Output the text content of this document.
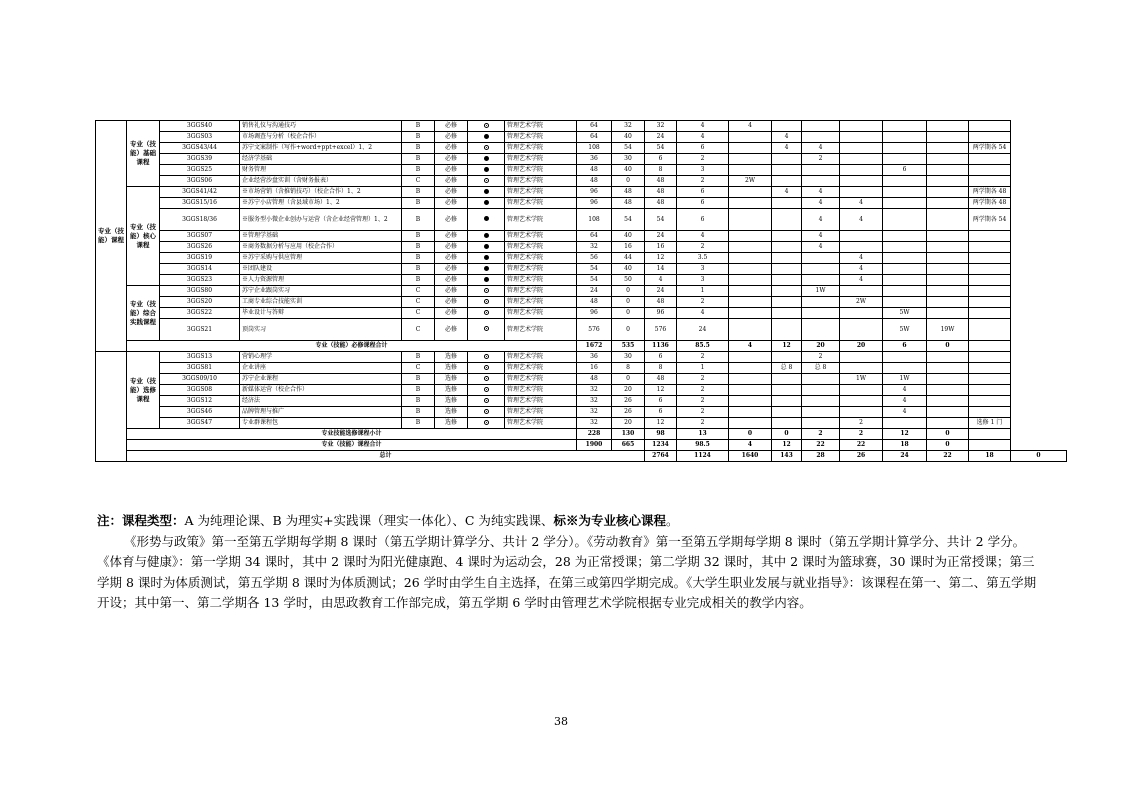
专业（技能）课程	专业（技能）基础课程	3GGS40	销售礼仪与沟通技巧	B	必修		管理艺术学院	64	32	32	4	4								
		3GGS03	市场调查与分析（校企合作）	B	必修		管理艺术学院	64	40	24	4		4							
		3GGS43/44	苏宁文案制作（写作+word+ppt+excel）1、2	B	必修		管理艺术学院	108	54	54	6		4	4				两学期各 54		
		3GGS39	经济学基础	B	必修		管理艺术学院	36	30	6	2			2						
		3GGS25	财务管理	B	必修		管理艺术学院	48	40	8	3					6				
		3GGS06	企业经营沙盘实训（含财务报表）	C	必修		管理艺术学院	48	0	48	2	2W								
	专业（技能）核心课程	3GGS41/42	※市场营销（含推销技巧）（校企合作）1、2	B	必修		管理艺术学院	96	48	48	6		4	4				两学期各 48		
		3GGS15/16	※苏宁小店管理（含县域市场）1、2	B	必修		管理艺术学院	96	48	48	6			4	4			两学期各 48		
		3GGS18/36	※服务型小微企业创办与运营（含企业经营管理）1、2	B	必修		管理艺术学院	108	54	54	6			4	4			两学期各 54		
		3GGS07	※管理学基础	B	必修		管理艺术学院	64	40	24	4			4						
		3GGS26	※商务数据分析与应用（校企合作）	B	必修		管理艺术学院	32	16	16	2			4						
		3GGS19	※苏宁采购与供应管理	B	必修		管理艺术学院	56	44	12	3.5				4					
		3GGS14	※团队建设	B	必修		管理艺术学院	54	40	14	3				4					
		3GGS23	※人力资源管理	B	必修		管理艺术学院	54	50	4	3				4					
	专业（技能）综合实践课程	3GGS80	苏宁企业跟岗实习	C	必修		管理艺术学院	24	0	24	1			1W						
		3GGS20	工商专业综合技能实训	C	必修		管理艺术学院	48	0	48	2				2W					
		3GGS22	毕业设计与答辩	C	必修		管理艺术学院	96	0	96	4					5W				
		3GGS21	顶岗实习	C	必修		管理艺术学院	576	0	576	24					5W	19W			
	专业（技能）必修课程合计							1672	535	1136	85.5	4	12	20	20	6	0			
	专业（技能）选修课程	3GGS13	营销心理学	B	选修		管理艺术学院	36	30	6	2			2						
		3GGS81	企业讲座	C	选修		管理艺术学院	16	8	8	1		总 8	总 8						
		3GGS09/10	苏宁企业课程	B	选修		管理艺术学院	48	0	48	2				1W	1W				
		3GGS08	新媒体运营（校企合作）	B	选修		管理艺术学院	32	20	12	2					4				
		3GGS12	经济法	B	选修		管理艺术学院	32	26	6	2					4				
		3GGS46	品牌管理与推广	B	选修		管理艺术学院	32	26	6	2					4				
		3GGS47	专业群课程包	B	选修		管理艺术学院	32	20	12	2				2			选修 1 门		
	专业技能选修课程小计							228	130	98	13	0	0	2	2	12	0			
	专业（技能）课程合计							1900	665	1234	98.5	4	12	22	22	18	0			
	总计									2764	1124	1640	143	28	26	24	22	18	0	

注：课程类型：A 为纯理论课、B 为理实+实践课（理实一体化）、C 为纯实践课、标※为专业核心课程。

《形势与政策》第一至第五学期每学期 8 课时（第五学期计算学分、共计 2 学分）。《劳动教育》第一至第五学期每学期 8 课时（第五学期计算学分、共计 2 学分。《体育与健康》：第一学期 34 课时，其中 2 课时为阳光健康跑、4 课时为运动会，28 为正常授课；第二学期 32 课时，其中 2 课时为篮球赛，30 课时为正常授课；第三学期 8 课时为体质测试，第五学期 8 课时为体质测试；26 学时由学生自主选择，在第三或第四学期完成。《大学生职业发展与就业指导》：该课程在第一、第二、第五学期开设；其中第一、第二学期各 13 学时，由思政教育工作部完成，第五学期 6 学时由管理艺术学院根据专业完成相关的教学内容。

38
